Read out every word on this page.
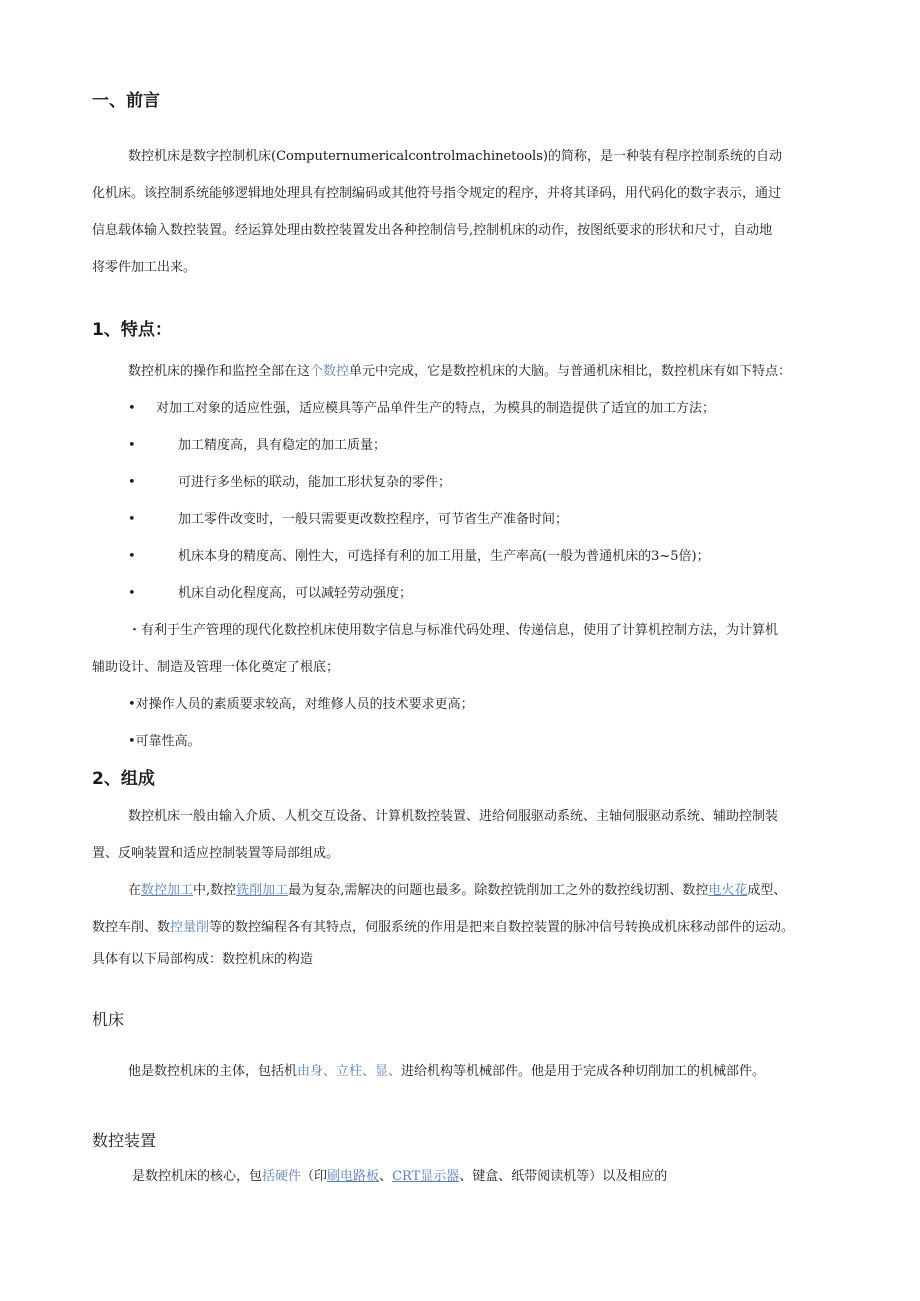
一、前言
数控机床是数字控制机床(Computernumericalcontrolmachinetools)的简称，是一种装有程序控制系统的自动
化机床。该控制系统能够逻辑地处理具有控制编码或其他符号指令规定的程序，并将其译码，用代码化的数字表示，通过
信息载体输入数控装置。经运算处理由数控装置发出各种控制信号,控制机床的动作，按图纸要求的形状和尺寸，自动地
将零件加工出来。
1、特点：
数控机床的操作和监控全部在这个数控单元中完成，它是数控机床的大脑。与普通机床相比，数控机床有如下特点：
• 对加工对象的适应性强，适应模具等产品单件生产的特点，为模具的制造提供了适宜的加工方法；
•	加工精度高，具有稳定的加工质量；
•	可进行多坐标的联动，能加工形状复杂的零件；
•	加工零件改变时，一般只需要更改数控程序，可节省生产准备时间；
•	机床本身的精度高、刚性大，可选择有利的加工用量，生产率高(一般为普通机床的3~5倍)；
•	机床自动化程度高，可以减轻劳动强度；
・有利于生产管理的现代化数控机床使用数字信息与标准代码处理、传递信息，使用了计算机控制方法，为计算机
辅助设计、制造及管理一体化奠定了根底；
•对操作人员的素质要求较高，对维修人员的技术要求更高；
•可靠性高。
2、组成
数控机床一般由输入介质、人机交互设备、计算机数控装置、进给伺服驱动系统、主轴伺服驱动系统、辅助控制装
置、反响装置和适应控制装置等局部组成。
在数控加工中,数控铣削加工最为复杂,需解决的问题也最多。除数控铣削加工之外的数控线切割、数控电火花成型、
数控车削、数控量削等的数控编程各有其特点，伺服系统的作用是把来自数控装置的脉冲信号转换成机床移动部件的运动。
具体有以下局部构成：数控机床的构造
机床
他是数控机床的主体，包括机由身、立柱、显、进给机构等机械部件。他是用于完成各种切削加工的机械部件。
数控装置
是数控机床的核心，包括硬件（印刷电路板、CRT显示器、键盒、纸带阅读机等）以及相应的
